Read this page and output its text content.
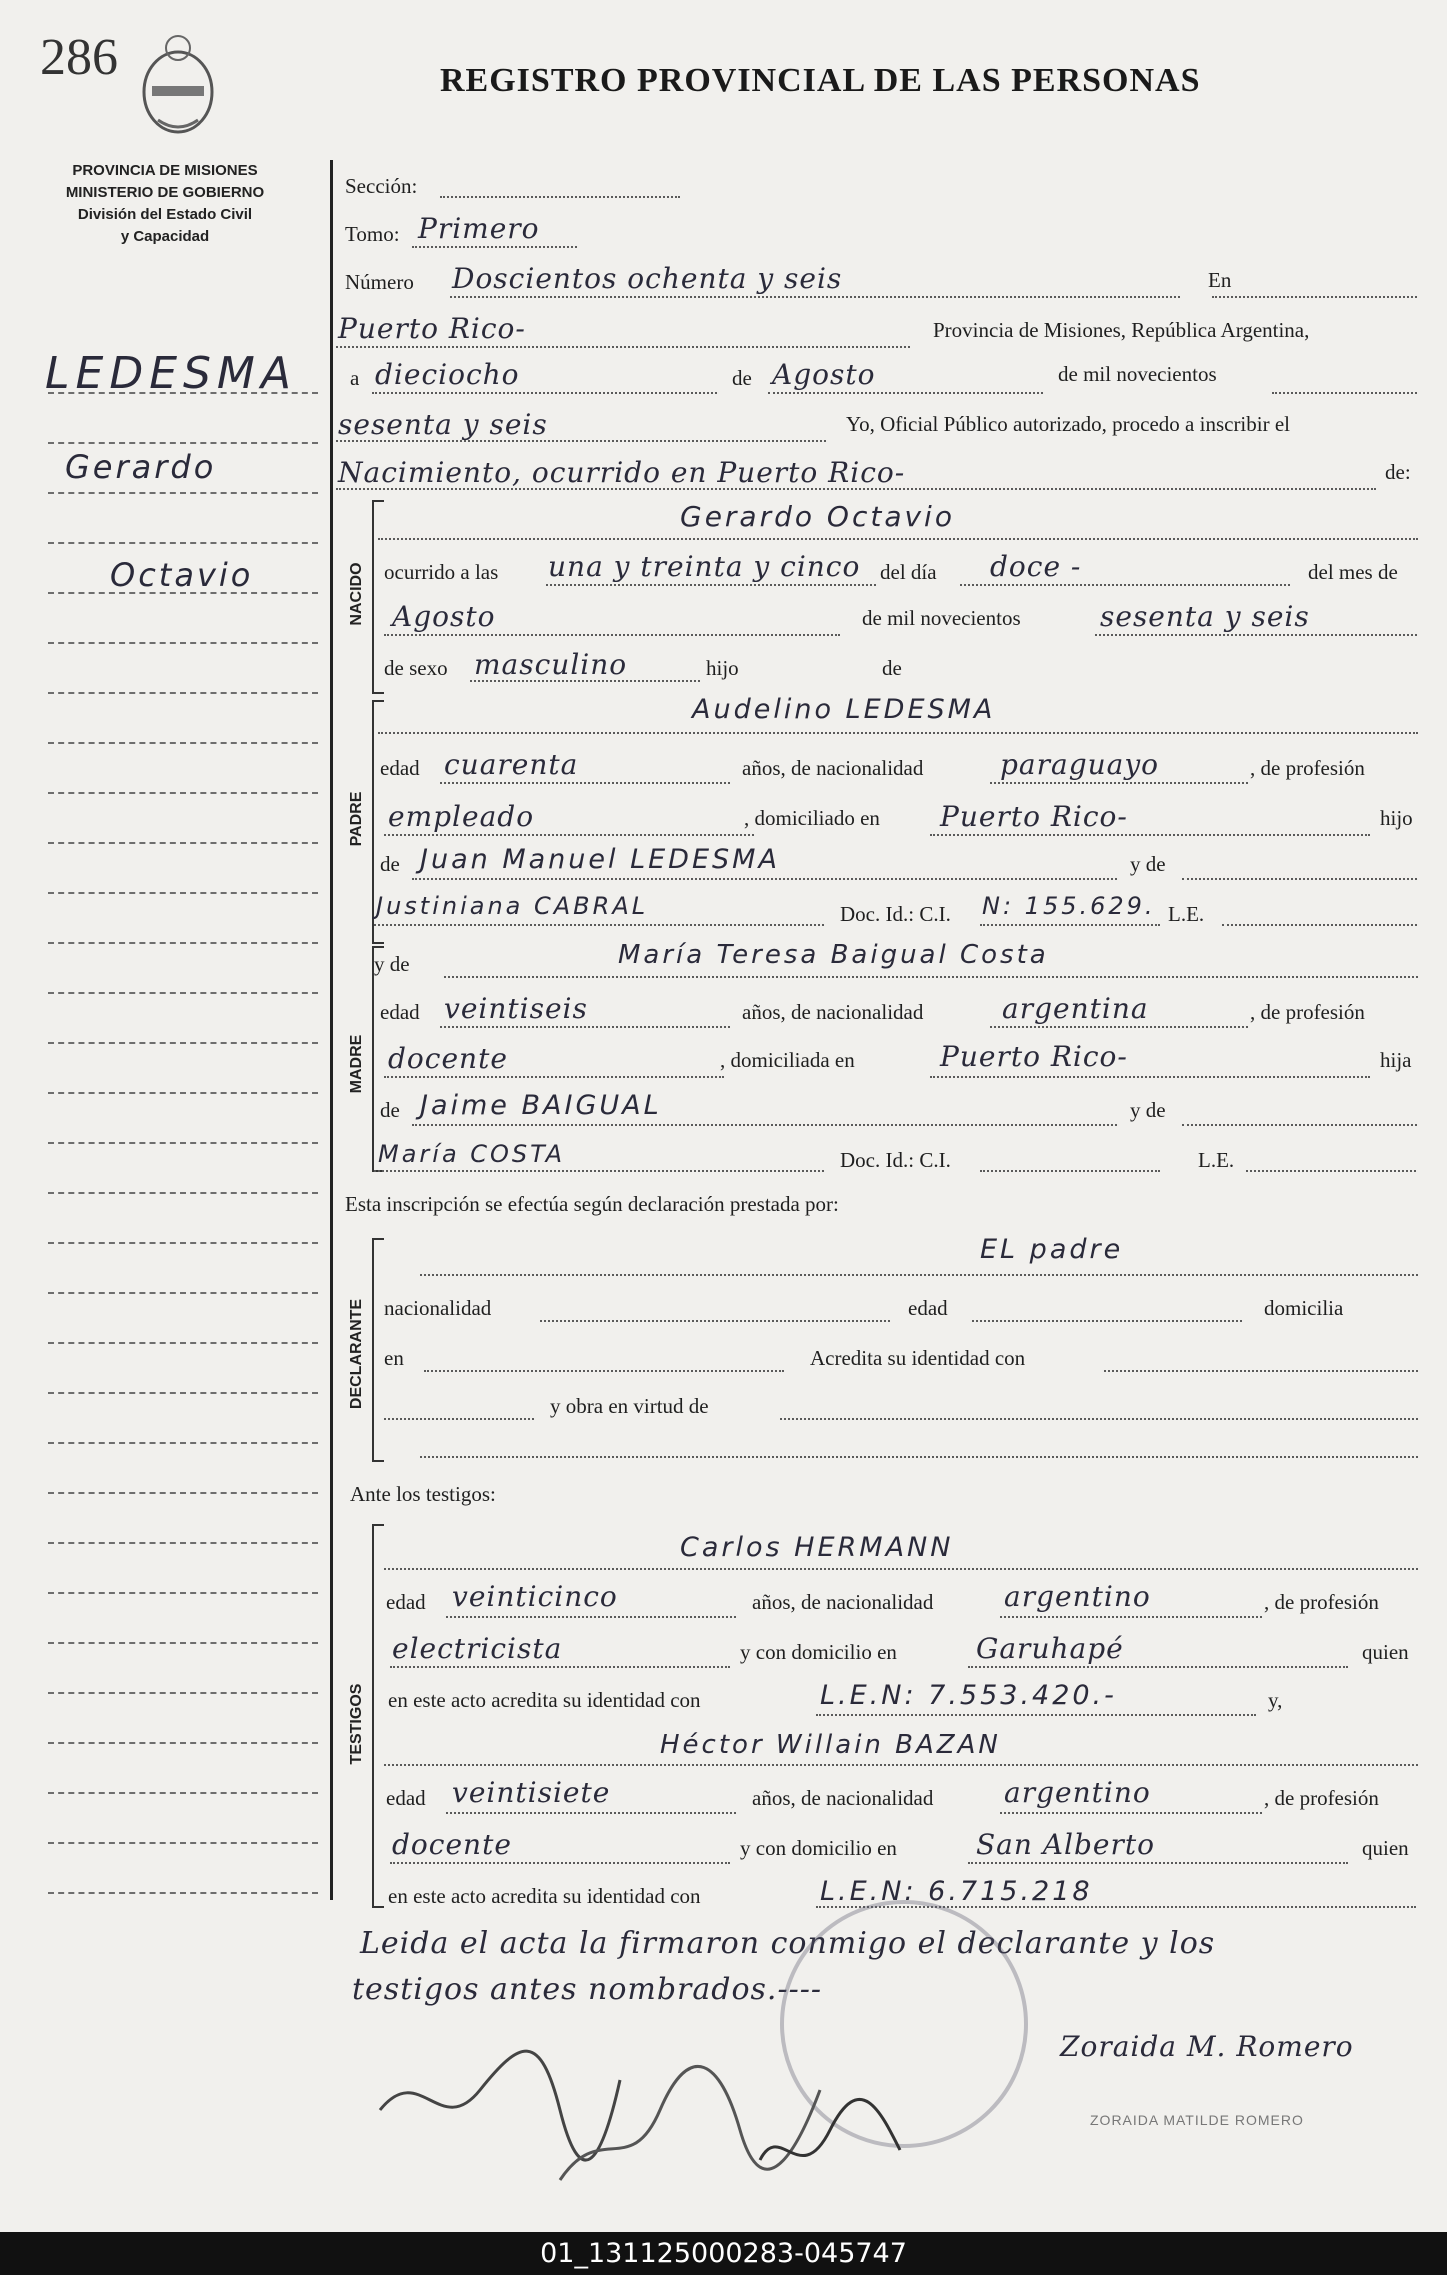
286	REGISTRO PROVINCIAL DE LAS PERSONAS
PROVINCIA DE MISIONES
MINISTERIO DE GOBIERNO
División del Estado Civil
y Capacidad
LEDESMA
Gerardo
Octavio
Sección:
Tomo: Primero
Número Doscientos ochenta y seis	En
Puerto Rico-	Provincia de Misiones, República Argentina,
a dieciocho	de Agosto	de mil novecientos
sesenta y seis	Yo, Oficial Público autorizado, procedo a inscribir el
Nacimiento, ocurrido en Puerto Rico-	de:
NACIDO
Gerardo Octavio
ocurrido a las una y treinta y cinco del día doce -	del mes de
Agosto	de mil novecientos	sesenta y seis
de sexo masculino	hijo	de
PADRE
Audelino LEDESMA
edad cuarenta	años, de nacionalidad	paraguayo	, de profesión
empleado	, domiciliado en Puerto Rico-	hijo
de Juan Manuel LEDESMA	y de
Justiniana CABRAL	Doc. Id.: C.I. N: 155.629. L.E.
MADRE
y de	María Teresa Baigual Costa
edad veintiseis	años, de nacionalidad	argentina	, de profesión
docente	, domiciliada en	Puerto Rico-	hija
de Jaime BAIGUAL	y de
María COSTA	Doc. Id.: C.I.	L.E.
Esta inscripción se efectúa según declaración prestada por:
DECLARANTE
EL padre
nacionalidad	edad	domicilia
en	Acredita su identidad con
y obra en virtud de
Ante los testigos:
TESTIGOS
Carlos HERMANN
edad veinticinco	años, de nacionalidad	argentino	, de profesión
electricista	y con domicilio en	Garuhapé	quien
en este acto acredita su identidad con	L.E.N: 7.553.420.-	y,
Héctor Willain BAZAN
edad veintisiete	años, de nacionalidad	argentino	, de profesión
docente	y con domicilio en	San Alberto	quien
en este acto acredita su identidad con	L.E.N: 6.715.218
Leida el acta la firmaron conmigo el declarante y los
testigos antes nombrados.----
Zoraida M. Romero
ZORAIDA MATILDE ROMERO
01_131125000283-045747
